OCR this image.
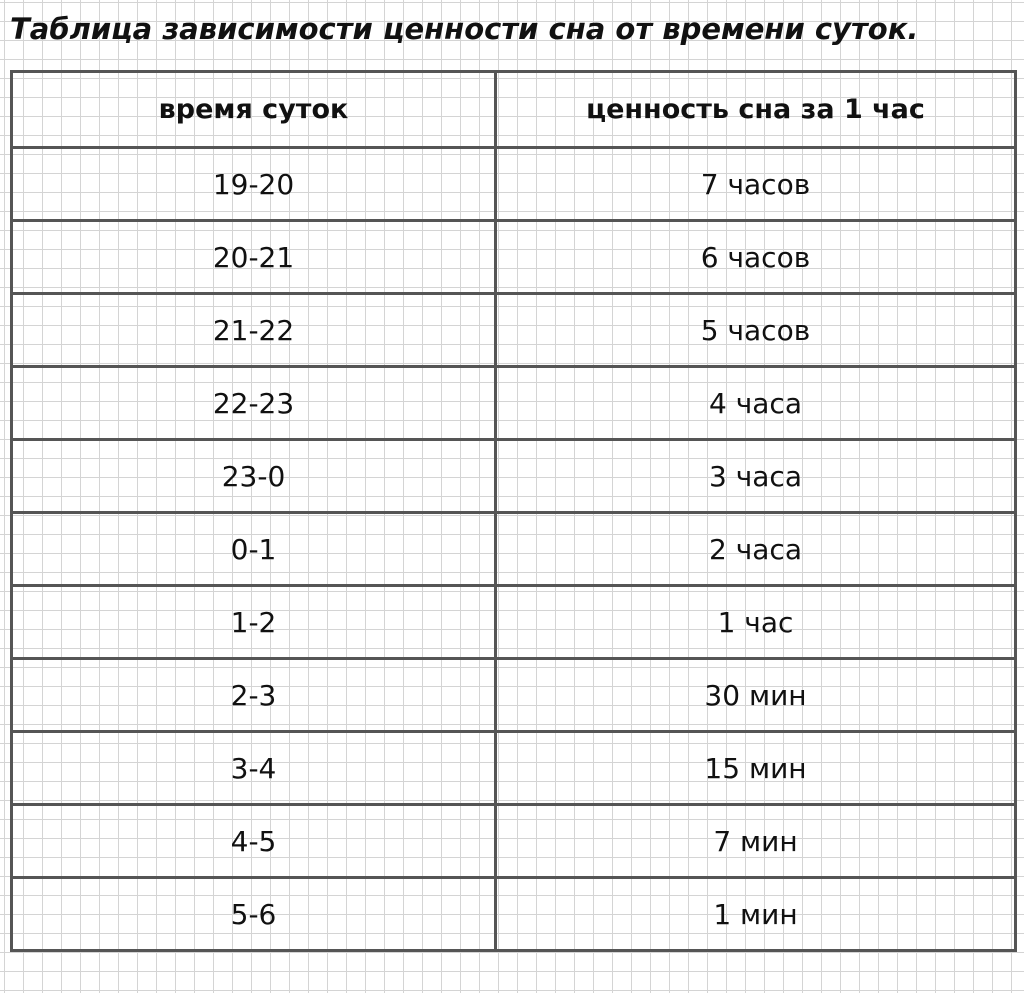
Таблица зависимости ценности сна от времени суток.
время суток	ценность сна за 1 час
19-20	7 часов
20-21	6 часов
21-22	5 часов
22-23	4 часа
23-0	3 часа
0-1	2 часа
1-2	1 час
2-3	30 мин
3-4	15 мин
4-5	7 мин
5-6	1 мин
